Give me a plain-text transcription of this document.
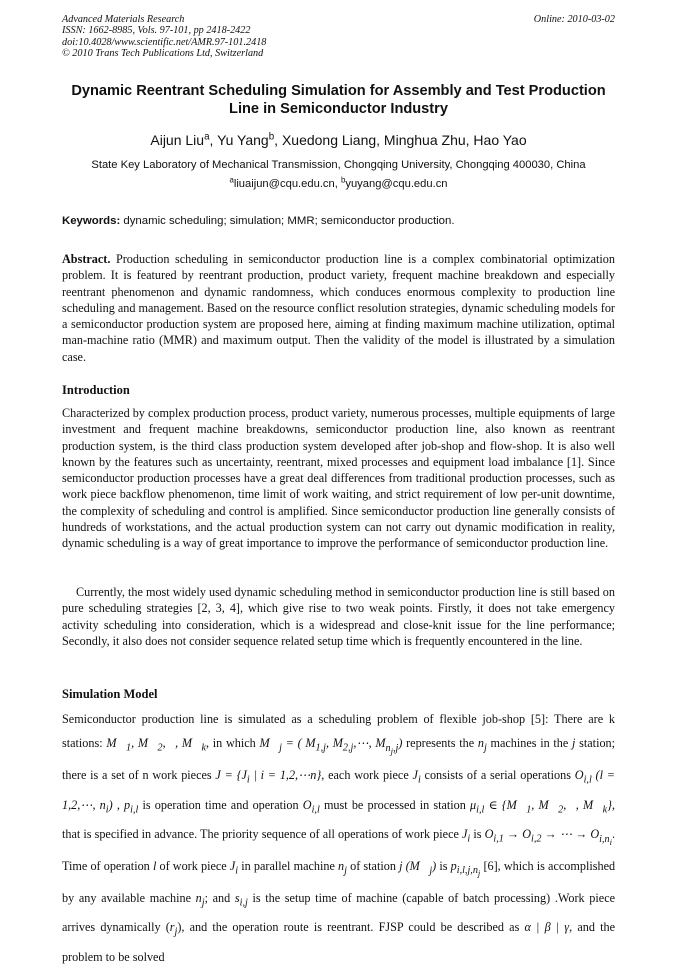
Advanced Materials Research
ISSN: 1662-8985, Vols. 97-101, pp 2418-2422
doi:10.4028/www.scientific.net/AMR.97-101.2418
© 2010 Trans Tech Publications Ltd, Switzerland
Online: 2010-03-02
Dynamic Reentrant Scheduling Simulation for Assembly and Test Production Line in Semiconductor Industry
Aijun Liu$^a$, Yu Yang$^b$, Xuedong Liang, Minghua Zhu, Hao Yao
State Key Laboratory of Mechanical Transmission, Chongqing University, Chongqing 400030, China
$^a$liuaijun@cqu.edu.cn, $^b$yuyang@cqu.edu.cn
Keywords: dynamic scheduling; simulation; MMR; semiconductor production.
Abstract. Production scheduling in semiconductor production line is a complex combinatorial optimization problem. It is featured by reentrant production, product variety, frequent machine breakdown and especially reentrant phenomenon and dynamic randomness, which conduces enormous complexity to production line scheduling and management. Based on the resource conflict resolution strategies, dynamic scheduling models for a semiconductor production system are proposed here, aiming at finding maximum machine utilization, optimal man-machine ratio (MMR) and maximum output. Then the validity of the model is illustrated by a simulation case.
Introduction
Characterized by complex production process, product variety, numerous processes, multiple equipments of large investment and frequent machine breakdowns, semiconductor production line, also known as reentrant production system, is the third class production system developed after job-shop and flow-shop. It is also well known by the features such as uncertainty, reentrant, mixed processes and equipment load imbalance [1]. Since semiconductor production processes have a great deal differences from traditional production processes, such as work piece backflow phenomenon, time limit of work waiting, and strict requirement of low per-unit downtime, the complexity of scheduling and control is amplified. Since semiconductor production line generally consists of hundreds of workstations, and the actual production system can not carry out dynamic modification in reality, dynamic scheduling is a way of great importance to improve the performance of semiconductor production line.
Currently, the most widely used dynamic scheduling method in semiconductor production line is still based on pure scheduling strategies [2, 3, 4], which give rise to two weak points. Firstly, it does not take emergency activity scheduling into consideration, which is a widespread and close-knit issue for the line performance; Secondly, it also does not consider sequence related setup time which is frequently encountered in the line.
Simulation Model
Semiconductor production line is simulated as a scheduling problem of flexible job-shop [5]: There are k stations: $M⃗_1$, $M⃗_2,\cdots$, $M⃗_k$, in which $M⃗_j$ = ( $M_{1,j}$, $M_{2,j},\cdots$, $M_{n_j,j}$) represents the $n_j$ machines in the j station; there is a set of n work pieces $J = \{J_i$ | i = 1,2,⋯n}, each work piece $J_i$ consists of a serial operations $O_{i,l}$ (l = 1,2,⋯, $n_i$) , $p_{i,l}$ is operation time and operation $O_{i,l}$ must be processed in station $\mu_{i,l}$ ∈ {$M⃗_1$, $M⃗_2,\cdots$, $M⃗_k$}, that is specified in advance. The priority sequence of all operations of work piece $J_i$ is $O_{i,1} \to O_{i,2}$ → ⋯ → $O_{i,n_i}$. Time of operation l of work piece $J_i$ in parallel machine $n_j$ of station j $(M⃗_j)$ is $p_{i,l,j,n_j}$ [6], which is accomplished by any available machine $n_j$; and $s_{i,j}$ is the setup time of machine (capable of batch processing) .Work piece arrives dynamically $(r_j)$, and the operation route is reentrant. FJSP could be described as α | β | γ, and the problem to be solved
